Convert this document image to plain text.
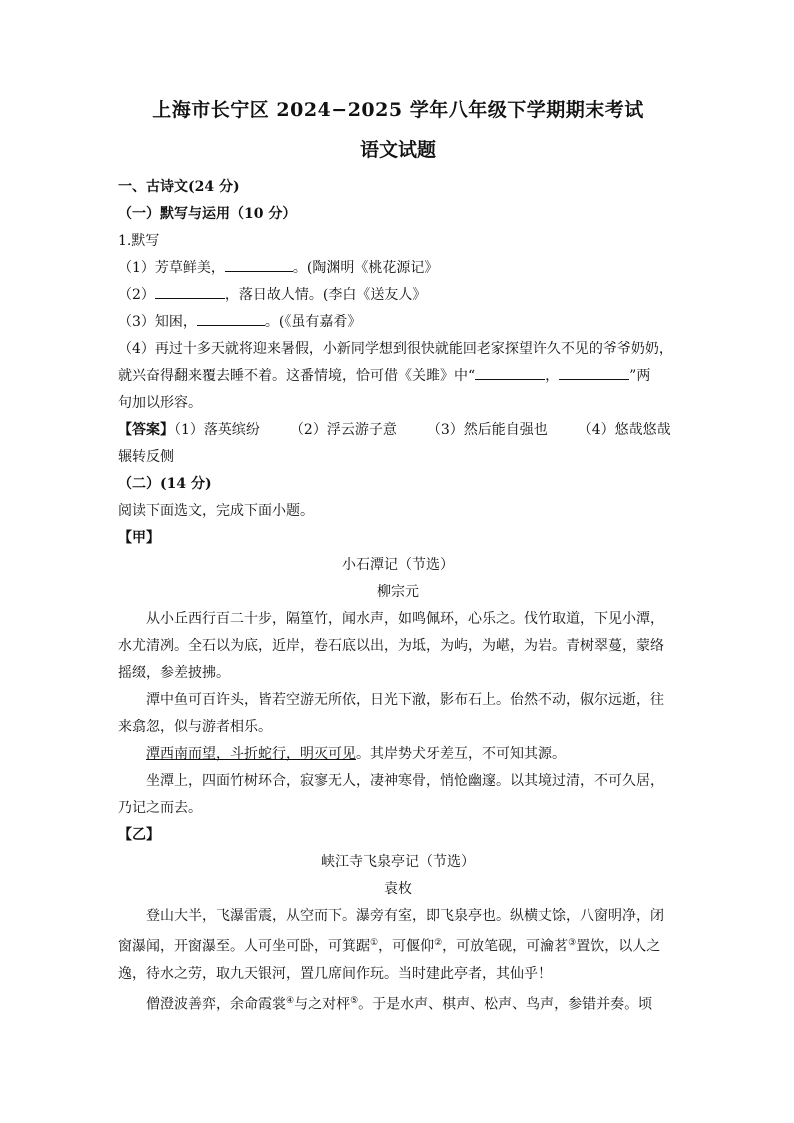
上海市长宁区 2024−2025 学年八年级下学期期末考试

语文试题

一、古诗文(24 分)

（一）默写与运用（10 分）

1.默写

（1）芳草鲜美，	。(陶渊明《桃花源记》

（2）	，落日故人情。(李白《送友人》

（3）知困，	。(《虽有嘉肴》

（4）再过十多天就将迎来暑假，小新同学想到很快就能回老家探望许久不见的爷爷奶奶，

就兴奋得翻来覆去睡不着。这番情境，恰可借《关雎》中“	，	”两

句加以形容。

【答案】（1）落英缤纷 （2）浮云游子意 （3）然后能自强也 （4）悠哉悠哉

辗转反侧

（二）(14 分)

阅读下面选文，完成下面小题。

【甲】

小石潭记（节选）

柳宗元

从小丘西行百二十步，隔篁竹，闻水声，如鸣佩环，心乐之。伐竹取道，下见小潭，

水尤清冽。全石以为底，近岸，卷石底以出，为坻，为屿，为嵁，为岩。青树翠蔓，蒙络

摇缀，参差披拂。

潭中鱼可百许头，皆若空游无所依，日光下澈，影布石上。佁然不动，俶尔远逝，往

来翕忽，似与游者相乐。

潭西南而望，斗折蛇行，明灭可见。其岸势犬牙差互，不可知其源。

坐潭上，四面竹树环合，寂寥无人，凄神寒骨，悄怆幽邃。以其境过清，不可久居，

乃记之而去。

【乙】

峡江寺飞泉亭记（节选）

袁枚

登山大半，飞瀑雷震，从空而下。瀑旁有室，即飞泉亭也。纵横丈馀，八窗明净，闭

窗瀑闻，开窗瀑至。人可坐可卧，可箕踞①，可偃仰②，可放笔砚，可瀹茗③置饮，以人之

逸，待水之劳，取九天银河，置几席间作玩。当时建此亭者，其仙乎！

僧澄波善弈，余命霞裳④与之对枰⑤。于是水声、棋声、松声、鸟声，参错并奏。顷
